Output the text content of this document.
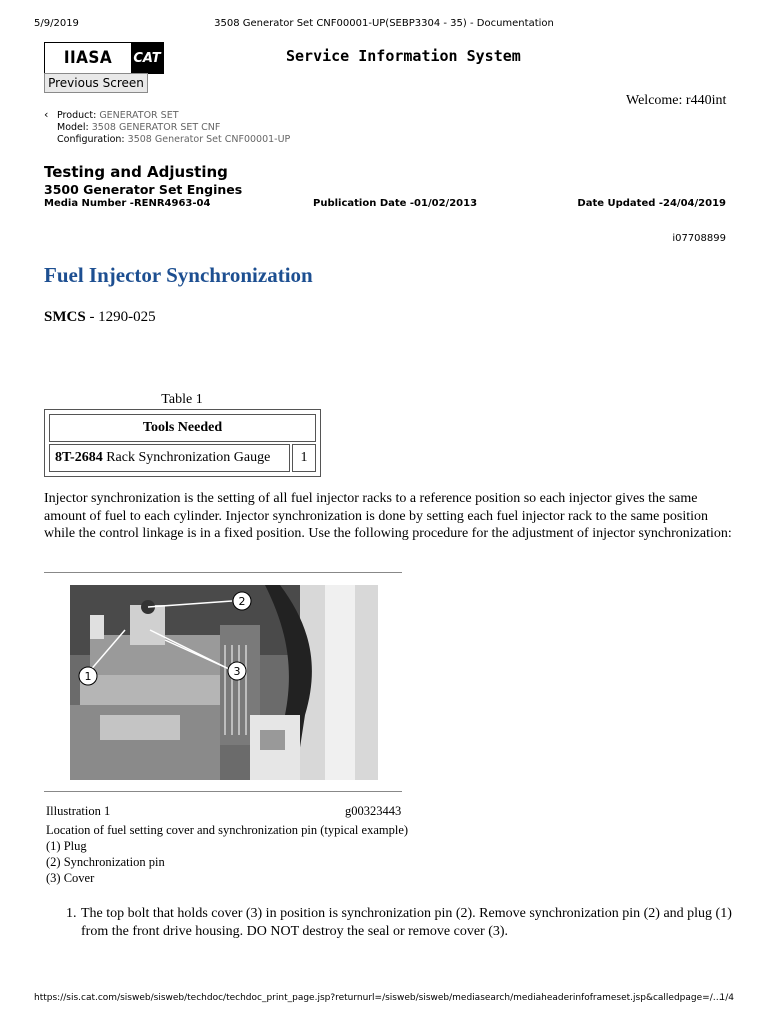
5/9/2019	3508 Generator Set CNF00001-UP(SEBP3304 - 35) - Documentation
IIASA	CAT
Previous Screen
Service Information System
Welcome: r440int
‹ Product: GENERATOR SET
Model: 3508 GENERATOR SET CNF
Configuration: 3508 Generator Set CNF00001-UP
Testing and Adjusting
3500 Generator Set Engines
Media Number -RENR4963-04	Publication Date -01/02/2013	Date Updated -24/04/2019
i07708899
Fuel Injector Synchronization
SMCS - 1290-025
Table 1
Tools Needed
8T-2684 Rack Synchronization Gauge	1
Injector synchronization is the setting of all fuel injector racks to a reference position so each injector gives the same amount of fuel to each cylinder. Injector synchronization is done by setting each fuel injector rack to the same position while the control linkage is in a fixed position. Use the following procedure for the adjustment of injector synchronization:
2
1	3
Illustration 1	g00323443
Location of fuel setting cover and synchronization pin (typical example)
(1) Plug
(2) Synchronization pin
(3) Cover
1. The top bolt that holds cover (3) in position is synchronization pin (2). Remove synchronization pin (2) and plug (1) from the front drive housing. DO NOT destroy the seal or remove cover (3).
https://sis.cat.com/sisweb/sisweb/techdoc/techdoc_print_page.jsp?returnurl=/sisweb/sisweb/mediasearch/mediaheaderinfoframeset.jsp&calledpage=/…
1/4
